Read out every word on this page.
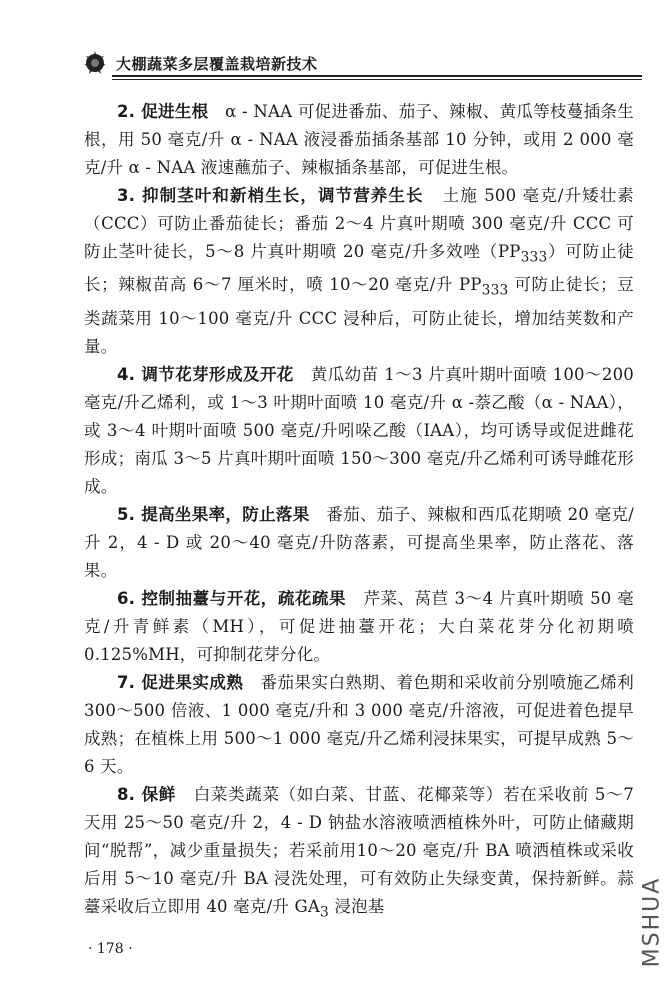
大棚蔬菜多层覆盖栽培新技术

2. 促进生根 α - NAA 可促进番茄、茄子、辣椒、黄瓜等枝蔓插条生根，用 50 毫克/升 α - NAA 液浸番茄插条基部 10 分钟，或用 2 000 毫克/升 α - NAA 液速蘸茄子、辣椒插条基部，可促进生根。

3. 抑制茎叶和新梢生长，调节营养生长 土施 500 毫克/升矮壮素（CCC）可防止番茄徒长；番茄 2～4 片真叶期喷 300 毫克/升 CCC 可防止茎叶徒长，5～8 片真叶期喷 20 毫克/升多效唑$(PP_{333})$可防止徒长；辣椒苗高 6～7 厘米时，喷 10～20 毫克/升 $PP_{333}$ 可防止徒长；豆类蔬菜用 10～100 毫克/升 CCC 浸种后，可防止徒长，增加结荚数和产量。

4. 调节花芽形成及开花 黄瓜幼苗 1～3 片真叶期叶面喷 100～200 毫克/升乙烯利，或 1～3 叶期叶面喷 10 毫克/升 α -萘乙酸（α - NAA），或 3～4 叶期叶面喷 500 毫克/升吲哚乙酸（IAA），均可诱导或促进雌花形成；南瓜 3～5 片真叶期叶面喷 150～300 毫克/升乙烯利可诱导雌花形成。

5. 提高坐果率，防止落果 番茄、茄子、辣椒和西瓜花期喷 20 毫克/升 2，4 - D 或 20～40 毫克/升防落素，可提高坐果率，防止落花、落果。

6. 控制抽薹与开花，疏花疏果 芹菜、莴苣 3～4 片真叶期喷 50 毫克/升青鲜素（MH），可促进抽薹开花；大白菜花芽分化初期喷 0.125%MH，可抑制花芽分化。

7. 促进果实成熟 番茄果实白熟期、着色期和采收前分别喷施乙烯利 300～500 倍液、1 000 毫克/升和 3 000 毫克/升溶液，可促进着色提早成熟；在植株上用 500～1 000 毫克/升乙烯利浸抹果实，可提早成熟 5～6 天。

8. 保鲜 白菜类蔬菜（如白菜、甘蓝、花椰菜等）若在采收前 5～7 天用 25～50 毫克/升 2，4 - D 钠盐水溶液喷洒植株外叶，可防止储藏期间“脱帮”，减少重量损失；若采前用10～20 毫克/升 BA 喷洒植株或采收后用 5～10 毫克/升 BA 浸洗处理，可有效防止失绿变黄，保持新鲜。蒜薹采收后立即用 40 毫克/升 $GA_3$ 浸泡基

· 178 ·	MSHUA
